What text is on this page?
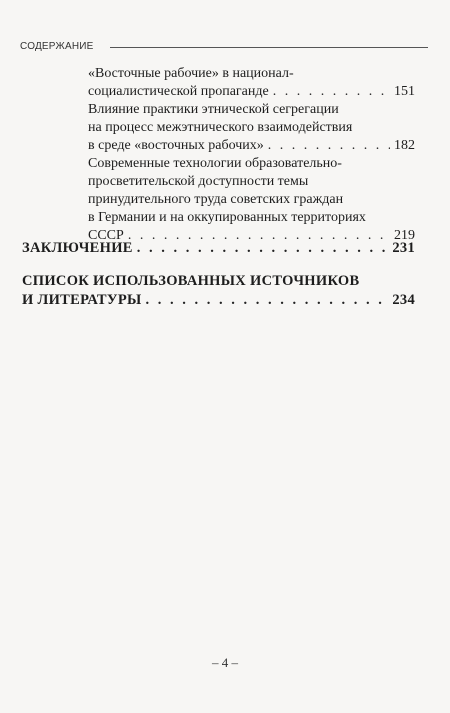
СОДЕРЖАНИЕ
«Восточные рабочие» в национал-
социалистической пропаганде . . .	151
Влияние практики этнической сегрегации
на процесс межэтнического взаимодействия
в среде «восточных рабочих» . . .	182
Современные технологии образовательно-
просветительской доступности темы
принудительного труда советских граждан
в Германии и на оккупированных территориях
СССР . . .	219
ЗАКЛЮЧЕНИЕ . . .	231
СПИСОК ИСПОЛЬЗОВАННЫХ ИСТОЧНИКОВ
И ЛИТЕРАТУРЫ . . .	234
– 4 –
